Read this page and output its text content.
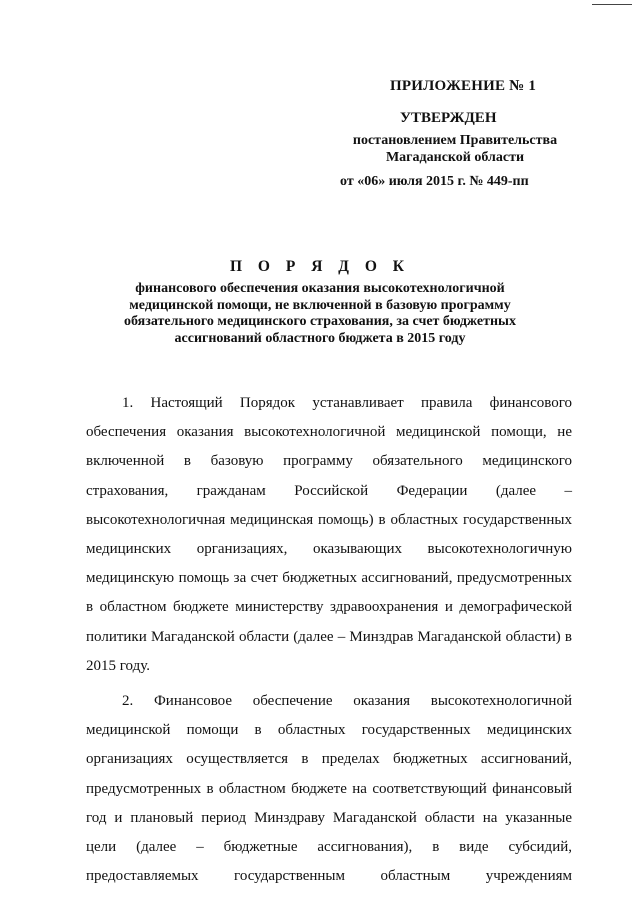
ПРИЛОЖЕНИЕ № 1
УТВЕРЖДЕН
постановлением Правительства Магаданской области
от «06» июля 2015 г. № 449-пп
П О Р Я Д О К
финансового обеспечения оказания высокотехнологичной медицинской помощи, не включенной в базовую программу обязательного медицинского страхования, за счет бюджетных ассигнований областного бюджета в 2015 году

1. Настоящий Порядок устанавливает правила финансового обеспечения оказания высокотехнологичной медицинской помощи, не включенной в базовую программу обязательного медицинского страхования, гражданам Российской Федерации (далее – высокотехнологичная медицинская помощь) в областных государственных медицинских организациях, оказывающих высокотехнологичную медицинскую помощь за счет бюджетных ассигнований, предусмотренных в областном бюджете министерству здравоохранения и демографической политики Магаданской области (далее – Минздрав Магаданской области) в 2015 году.

2. Финансовое обеспечение оказания высокотехнологичной медицинской помощи в областных государственных медицинских организациях осуществляется в пределах бюджетных ассигнований, предусмотренных в областном бюджете на соответствующий финансовый год и плановый период Минздраву Магаданской области на указанные цели (далее – бюджетные ассигнования), в виде субсидий, предоставляемых государственным областным учреждениям
